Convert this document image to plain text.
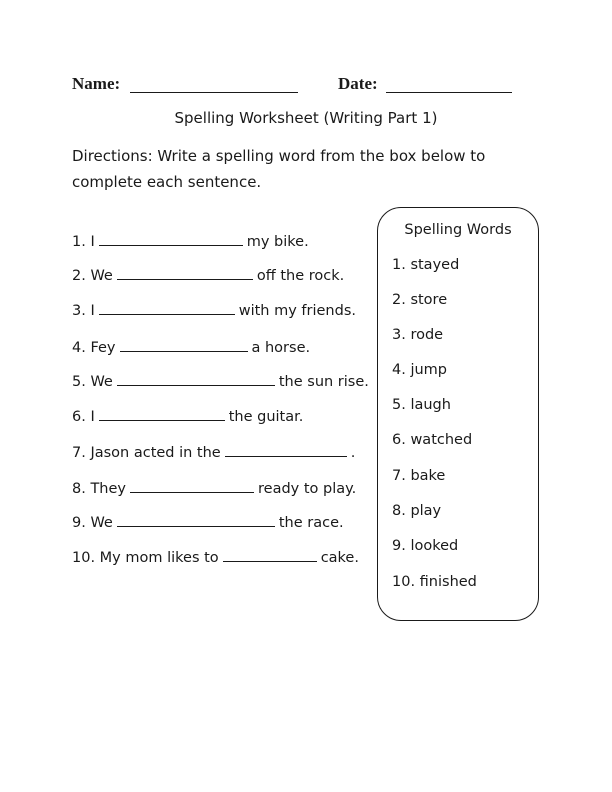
Name:	Date:
Spelling Worksheet (Writing Part 1)
Directions: Write a spelling word from the box below to complete each sentence.
1. I	my bike.
2. We	off the rock.
3. I	with my friends.
4. Fey	a horse.
5. We	the sun rise.
6. I	the guitar.
7. Jason acted in the	.
8. They	ready to play.
9. We	the race.
10. My mom likes to	cake.
Spelling Words
1. stayed
2. store
3. rode
4. jump
5. laugh
6. watched
7. bake
8. play
9. looked
10. finished
